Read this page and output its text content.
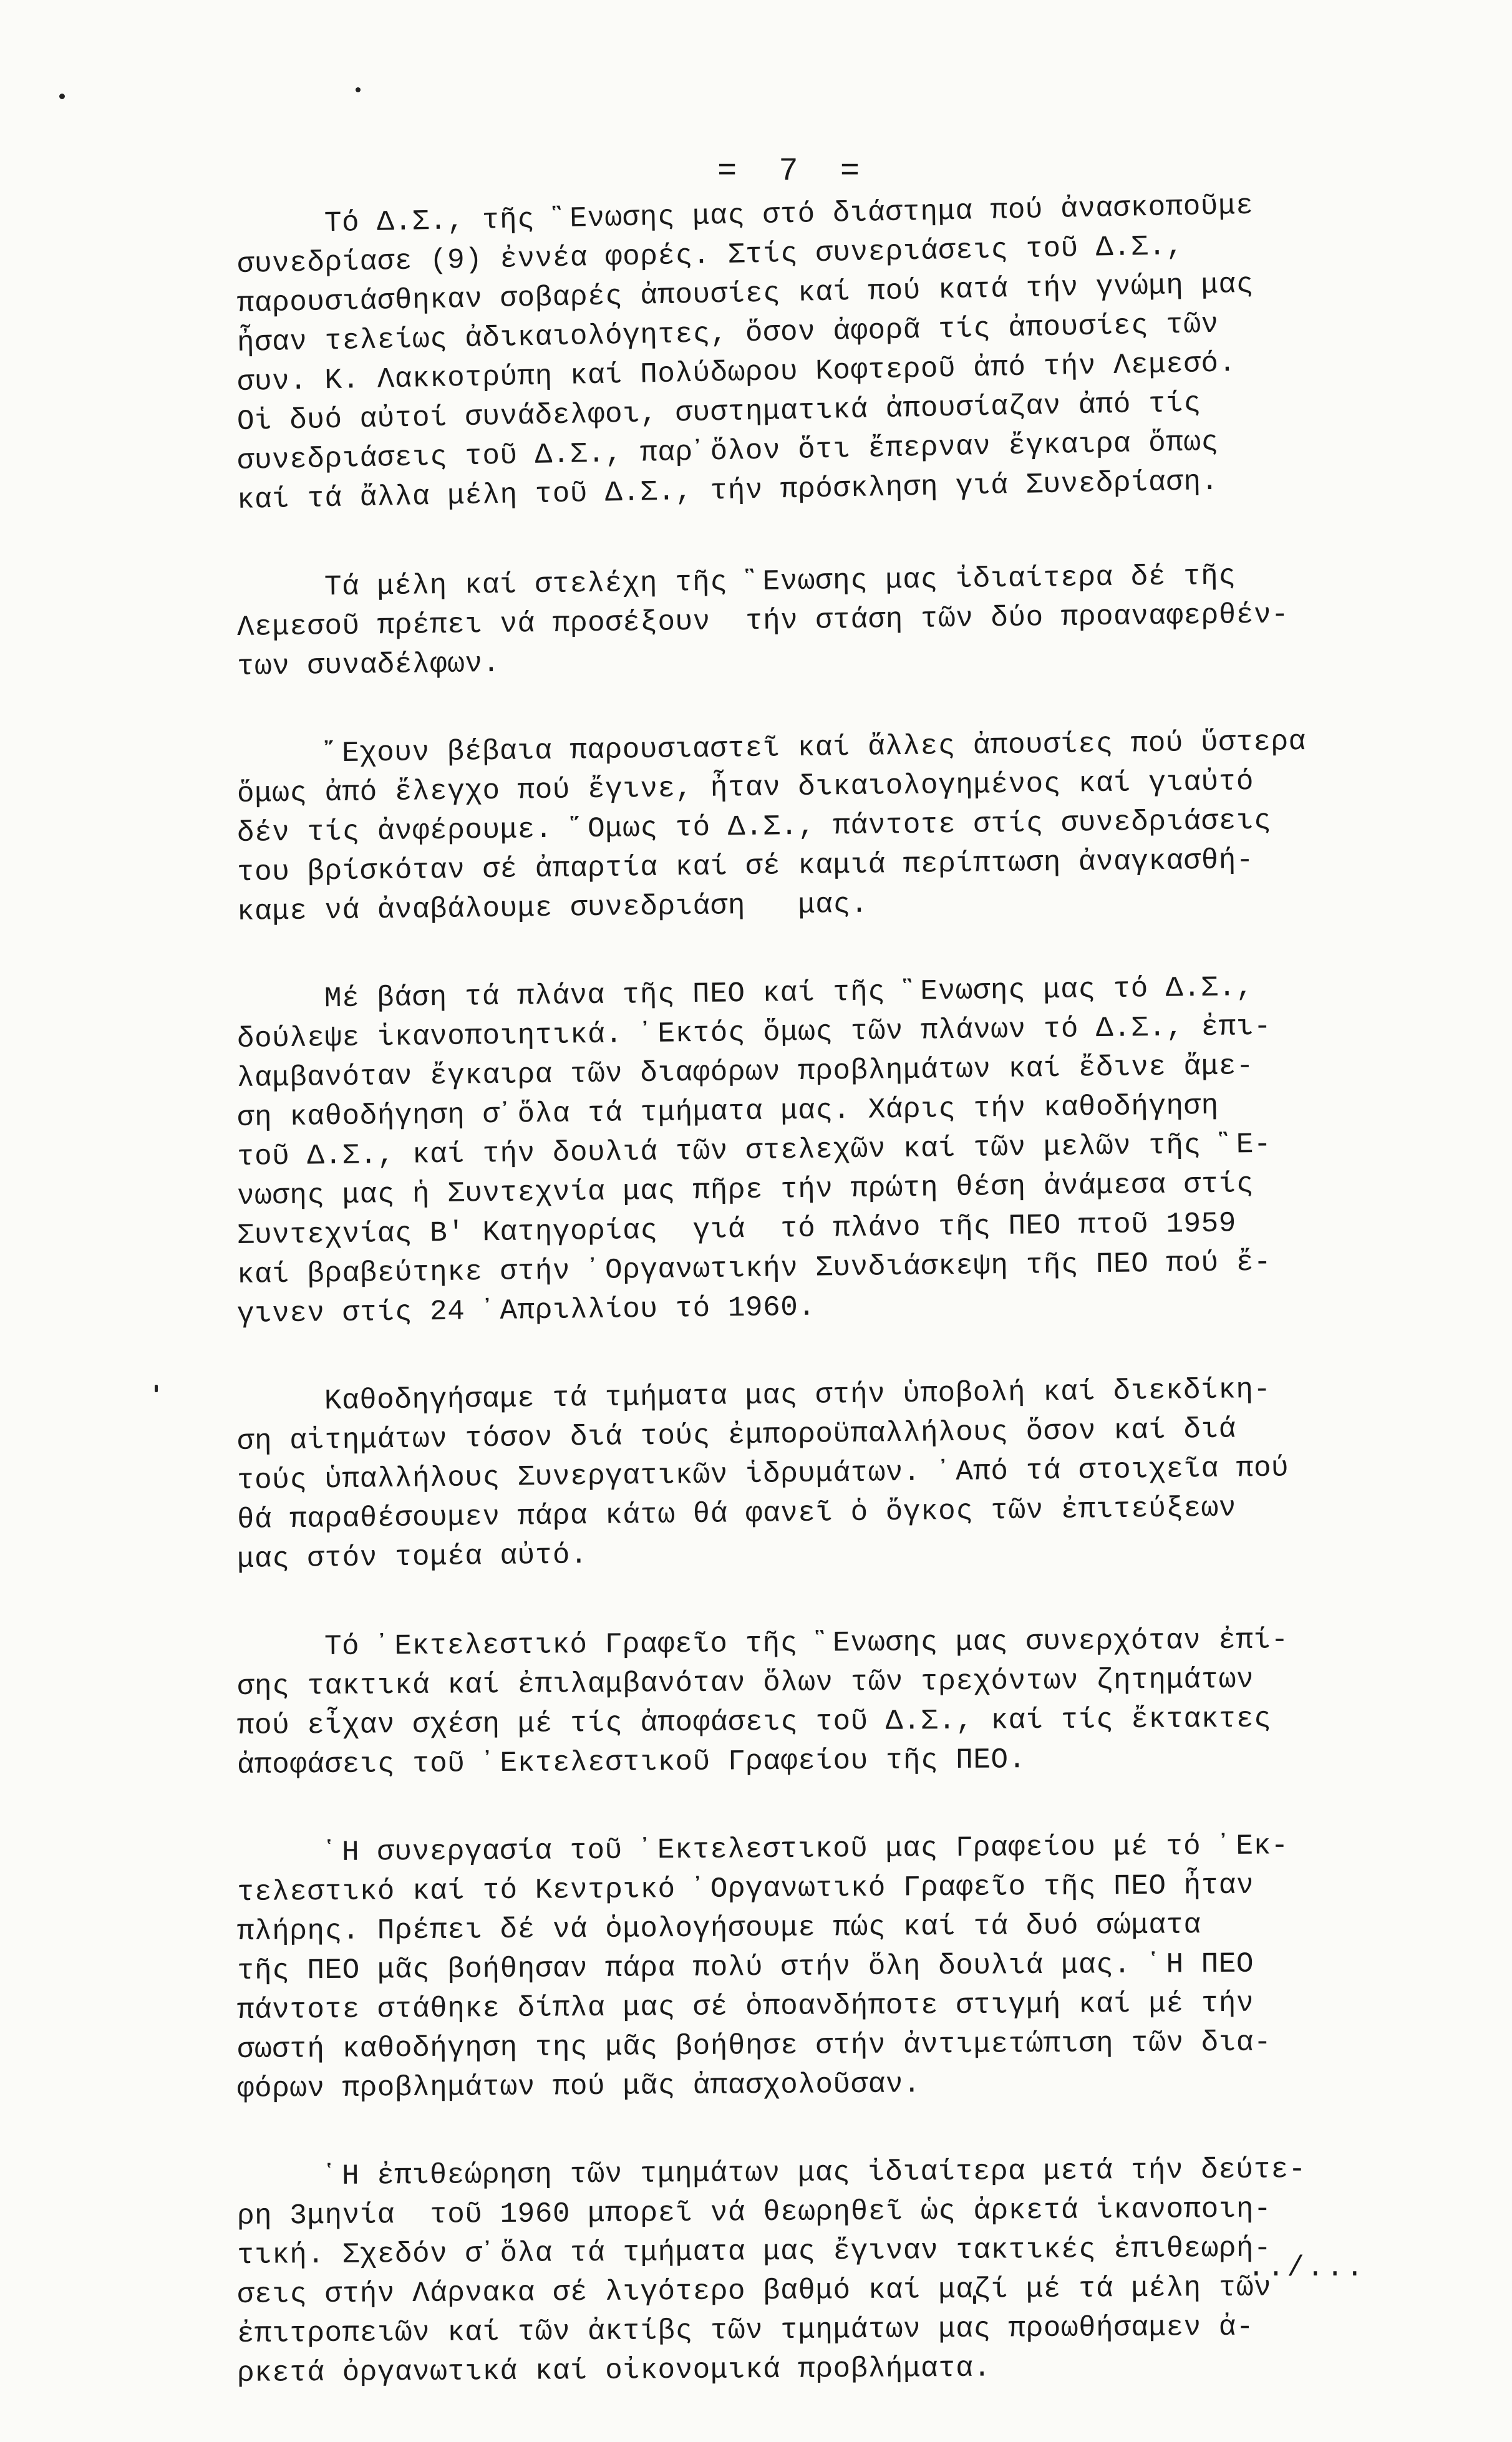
= 7 =
Τό Δ.Σ., τῆς ῝Ενωσης μας στό διάστημα πού ἀνασκοποῦμε
συνεδρίασε (9) ἐννέα φορές. Στίς συνεριάσεις τοῦ Δ.Σ.,
παρουσιάσθηκαν σοβαρές ἀπουσίες καί πού κατά τήν γνώμη μας
ἦσαν τελείως ἀδικαιολόγητες, ὅσον ἀφορᾶ τίς ἀπουσίες τῶν
συν. Κ. Λακκοτρύπη καί Πολύδωρου Κοφτεροῦ ἀπό τήν Λεμεσό.
Οἱ δυό αὐτοί συνάδελφοι, συστηματικά ἀπουσίαζαν ἀπό τίς
συνεδριάσεις τοῦ Δ.Σ., παρ᾽ὅλον ὅτι ἔπερναν ἔγκαιρα ὅπως
καί τά ἄλλα μέλη τοῦ Δ.Σ., τήν πρόσκληση γιά Συνεδρίαση.
Τά μέλη καί στελέχη τῆς ῝Ενωσης μας ἰδιαίτερα δέ τῆς
Λεμεσοῦ πρέπει νά προσέξουν  τήν στάση τῶν δύο προαναφερθέν-
των συναδέλφων.
῎Εχουν βέβαια παρουσιαστεῖ καί ἄλλες ἀπουσίες πού ὕστερα
ὅμως ἀπό ἔλεγχο πού ἔγινε, ἦταν δικαιολογημένος καί γιαὐτό
δέν τίς ἀνφέρουμε. ῞Ομως τό Δ.Σ., πάντοτε στίς συνεδριάσεις
του βρίσκόταν σέ ἀπαρτία καί σέ καμιά περίπτωση ἀναγκασθή-
καμε νά ἀναβάλουμε συνεδριάση   μας.
Μέ βάση τά πλάνα τῆς ΠΕΟ καί τῆς ῝Ενωσης μας τό Δ.Σ.,
δούλεψε ἱκανοποιητικά. ᾿Εκτός ὅμως τῶν πλάνων τό Δ.Σ., ἐπι-
λαμβανόταν ἔγκαιρα τῶν διαφόρων προβλημάτων καί ἔδινε ἄμε-
ση καθοδήγηση σ᾽ὅλα τά τμήματα μας. Χάρις τήν καθοδήγηση
τοῦ Δ.Σ., καί τήν δουλιά τῶν στελεχῶν καί τῶν μελῶν τῆς ῝Ε-
νωσης μας ἡ Συντεχνία μας πῆρε τήν πρώτη θέση ἀνάμεσα στίς
Συντεχνίας Β' Κατηγορίας  γιά  τό πλάνο τῆς ΠΕΟ πτοῦ 1959
καί βραβεύτηκε στήν ᾿Οργανωτικήν Συνδιάσκεψη τῆς ΠΕΟ πού ἔ-
γινεν στίς 24 ᾿Απριλλίου τό 1960.
Καθοδηγήσαμε τά τμήματα μας στήν ὑποβολή καί διεκδίκη-
ση αἰτημάτων τόσον διά τούς ἐμποροϋπαλλήλους ὅσον καί διά
τούς ὑπαλλήλους Συνεργατικῶν ἱδρυμάτων. ᾿Από τά στοιχεῖα πού
θά παραθέσουμεν πάρα κάτω θά φανεῖ ὁ ὄγκος τῶν ἐπιτεύξεων
μας στόν τομέα αὐτό.
Τό ᾿Εκτελεστικό Γραφεῖο τῆς ῝Ενωσης μας συνερχόταν ἐπί-
σης τακτικά καί ἐπιλαμβανόταν ὅλων τῶν τρεχόντων ζητημάτων
πού εἶχαν σχέση μέ τίς ἀποφάσεις τοῦ Δ.Σ., καί τίς ἔκτακτες
ἀποφάσεις τοῦ ᾿Εκτελεστικοῦ Γραφείου τῆς ΠΕΟ.
῾Η συνεργασία τοῦ ᾿Εκτελεστικοῦ μας Γραφείου μέ τό ᾿Εκ-
τελεστικό καί τό Κεντρικό ᾿Οργανωτικό Γραφεῖο τῆς ΠΕΟ ἦταν
πλήρης. Πρέπει δέ νά ὁμολογήσουμε πώς καί τά δυό σώματα
τῆς ΠΕΟ μᾶς βοήθησαν πάρα πολύ στήν ὅλη δουλιά μας. ῾Η ΠΕΟ
πάντοτε στάθηκε δίπλα μας σέ ὁποανδήποτε στιγμή καί μέ τήν
σωστή καθοδήγηση της μᾶς βοήθησε στήν ἀντιμετώπιση τῶν δια-
φόρων προβλημάτων πού μᾶς ἀπασχολοῦσαν.
῾Η ἐπιθεώρηση τῶν τμημάτων μας ἰδιαίτερα μετά τήν δεύτε-
ρη 3μηνία  τοῦ 1960 μπορεῖ νά θεωρηθεῖ ὡς ἀρκετά ἱκανοποιη-
τική. Σχεδόν σ᾽ὅλα τά τμήματα μας ἔγιναν τακτικές ἐπιθεωρή-
σεις στήν Λάρνακα σέ λιγότερο βαθμό καί μαζί μέ τά μέλη τῶν
ἐπιτροπειῶν καί τῶν ἀκτίβς τῶν τμημάτων μας προωθήσαμεν ἀ-
ρκετά ὀργανωτικά καί οἰκονομικά προβλήματα.
../...
